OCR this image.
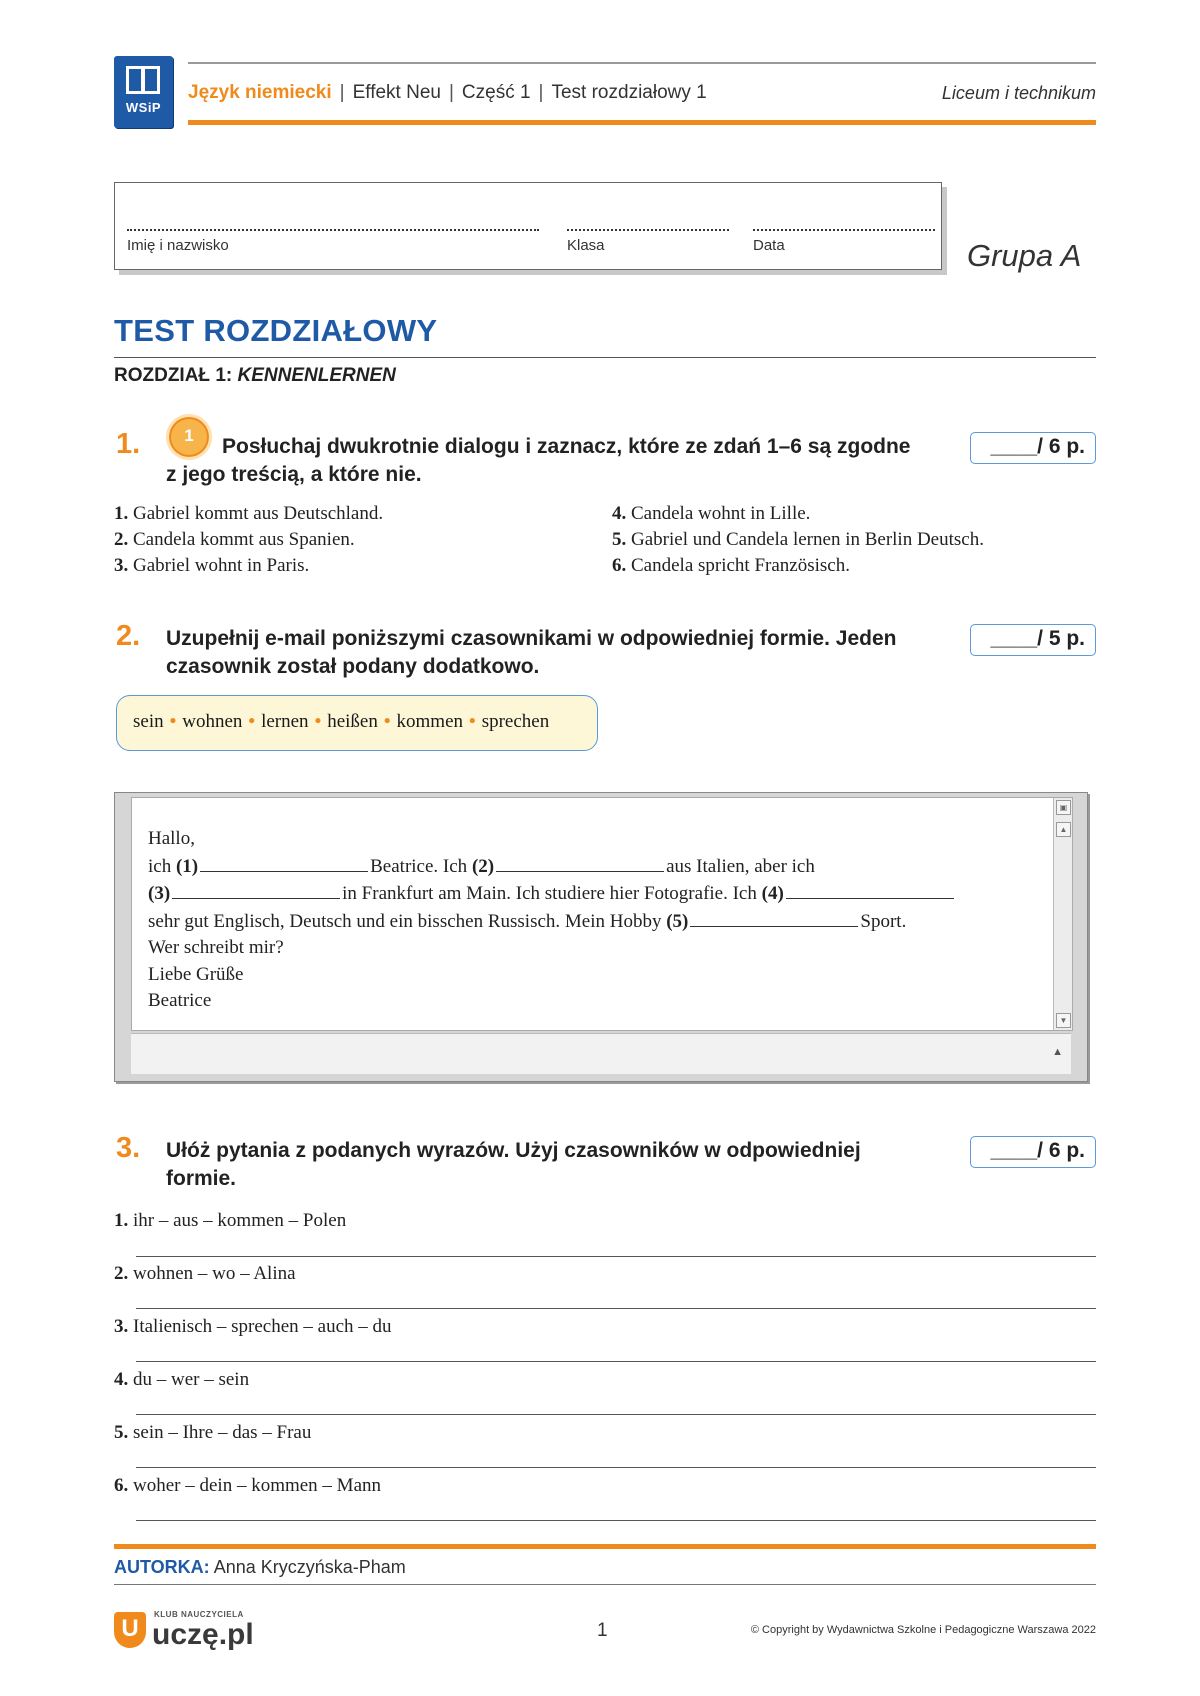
WSiP
Język niemiecki | Effekt Neu | Część 1 | Test rozdziałowy 1	Liceum i technikum
Imię i nazwisko	Klasa	Data	Grupa A
TEST ROZDZIAŁOWY
ROZDZIAŁ 1: KENNENLERNEN
1.	1	Posłuchaj dwukrotnie dialogu i zaznacz, które ze zdań 1–6 są zgodne
z jego treścią, a które nie.
____/ 6 p.
1. Gabriel kommt aus Deutschland.
2. Candela kommt aus Spanien.
3. Gabriel wohnt in Paris.
4. Candela wohnt in Lille.
5. Gabriel und Candela lernen in Berlin Deutsch.
6. Candela spricht Französisch.
2. Uzupełnij e-mail poniższymi czasownikami w odpowiedniej formie. Jeden
czasownik został podany dodatkowo.
____/ 5 p.
sein • wohnen • lernen • heißen • kommen • sprechen
▣
▲
▼
▲
Hallo,
ich (1)	Beatrice. Ich (2)	aus Italien, aber ich
(3)	in Frankfurt am Main. Ich studiere hier Fotografie. Ich (4)
sehr gut Englisch, Deutsch und ein bisschen Russisch. Mein Hobby (5)	Sport.
Wer schreibt mir?
Liebe Grüße
Beatrice
3. Ułóż pytania z podanych wyrazów. Użyj czasowników w odpowiedniej
formie.
____/ 6 p.
1. ihr – aus – kommen – Polen
2. wohnen – wo – Alina
3. Italienisch – sprechen – auch – du
4. du – wer – sein
5. sein – Ihre – das – Frau
6. woher – dein – kommen – Mann
AUTORKA: Anna Kryczyńska-Pham
U
KLUB NAUCZYCIELA
uczę.pl	1	© Copyright by Wydawnictwa Szkolne i Pedagogiczne Warszawa 2022
